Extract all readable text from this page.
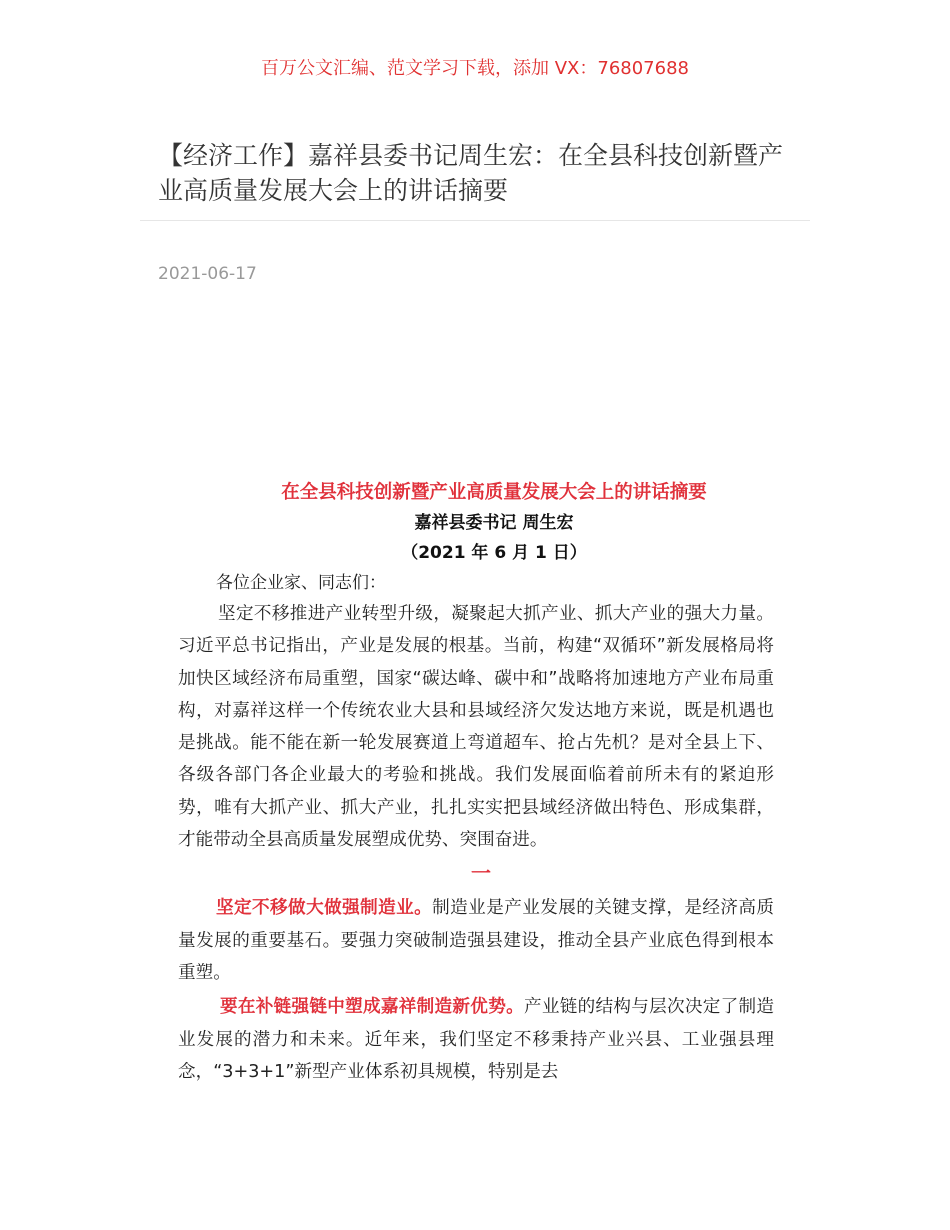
百万公文汇编、范文学习下载，添加 VX：76807688
【经济工作】嘉祥县委书记周生宏：在全县科技创新暨产业高质量发展大会上的讲话摘要
2021-06-17
在全县科技创新暨产业高质量发展大会上的讲话摘要
嘉祥县委书记 周生宏
（2021 年 6 月 1 日）
各位企业家、同志们：

坚定不移推进产业转型升级，凝聚起大抓产业、抓大产业的强大力量。习近平总书记指出，产业是发展的根基。当前，构建“双循环”新发展格局将加快区域经济布局重塑，国家“碳达峰、碳中和”战略将加速地方产业布局重构，对嘉祥这样一个传统农业大县和县域经济欠发达地方来说，既是机遇也是挑战。能不能在新一轮发展赛道上弯道超车、抢占先机？是对全县上下、各级各部门各企业最大的考验和挑战。我们发展面临着前所未有的紧迫形势，唯有大抓产业、抓大产业，扎扎实实把县域经济做出特色、形成集群，才能带动全县高质量发展塑成优势、突围奋进。

一

坚定不移做大做强制造业。制造业是产业发展的关键支撑，是经济高质量发展的重要基石。要强力突破制造强县建设，推动全县产业底色得到根本重塑。

要在补链强链中塑成嘉祥制造新优势。产业链的结构与层次决定了制造业发展的潜力和未来。近年来，我们坚定不移秉持产业兴县、工业强县理念，“3+3+1”新型产业体系初具规模，特别是去
